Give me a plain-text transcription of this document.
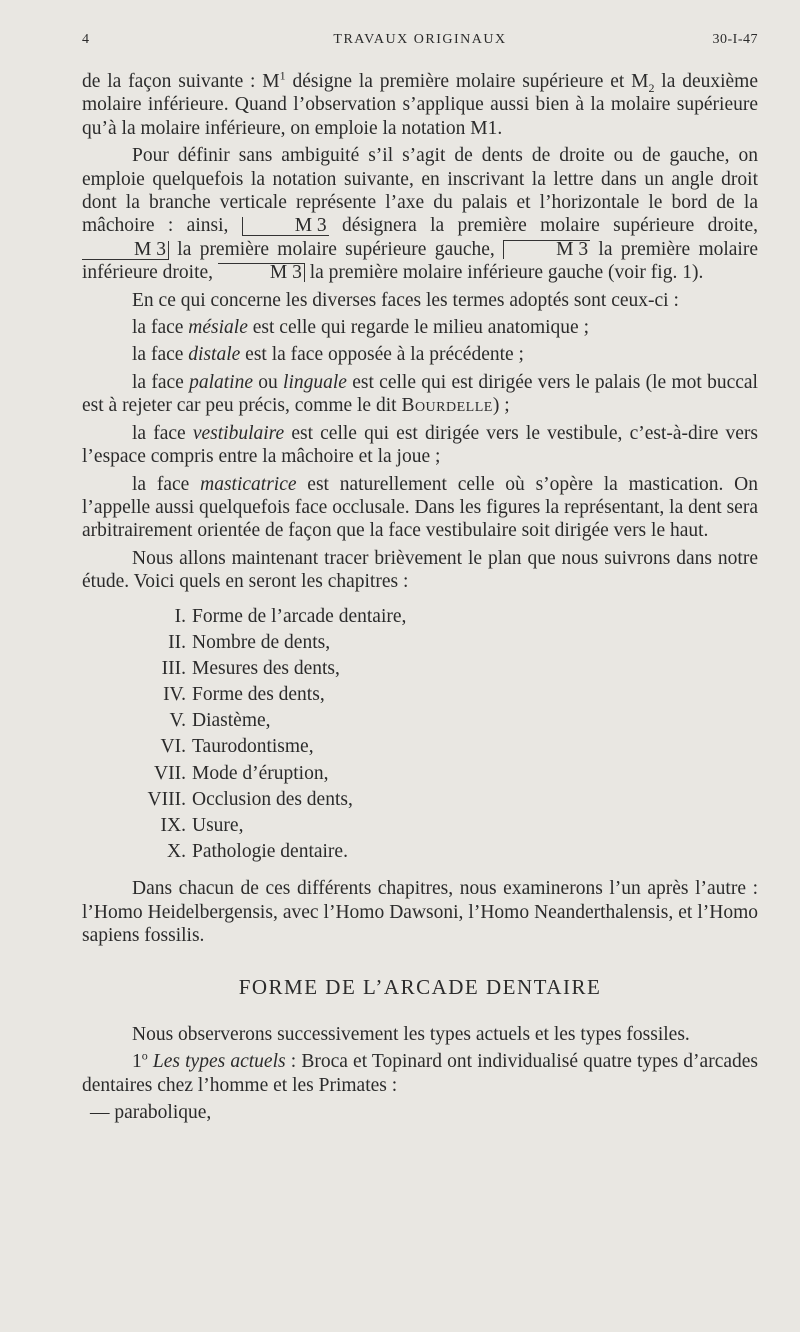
4	TRAVAUX ORIGINAUX	30-I-47

de la façon suivante : $M^1$ désigne la première molaire supérieure et $M_2$ la deuxième molaire inférieure. Quand l’observation s’applique aussi bien à la molaire supérieure qu’à la molaire inférieure, on emploie la notation M1.

Pour définir sans ambiguité s’il s’agit de dents de droite ou de gauche, on emploie quelquefois la notation suivante, en inscrivant la lettre dans un angle droit dont la branche verticale représente l’axe du palais et l’horizontale le bord de la mâchoire : ainsi,	M 3 désignera la première molaire supérieure droite, M 3 la première molaire supérieure gauche,	M 3 la première molaire inférieure droite,	M 3 la première molaire inférieure gauche (voir fig. 1).

En ce qui concerne les diverses faces les termes adoptés sont ceux-ci :

la face mésiale est celle qui regarde le milieu anatomique ;

la face distale est la face opposée à la précédente ;

la face palatine ou linguale est celle qui est dirigée vers le palais (le mot buccal est à rejeter car peu précis, comme le dit Bourdelle) ;

la face vestibulaire est celle qui est dirigée vers le vestibule, c’est-à-dire vers l’espace compris entre la mâchoire et la joue ;

la face masticatrice est naturellement celle où s’opère la mastication. On l’appelle aussi quelquefois face occlusale. Dans les figures la représentant, la dent sera arbitrairement orientée de façon que la face vestibulaire soit dirigée vers le haut.

Nous allons maintenant tracer brièvement le plan que nous suivrons dans notre étude. Voici quels en seront les chapitres :

I. Forme de l’arcade dentaire,
II. Nombre de dents,
III. Mesures des dents,
IV. Forme des dents,
V. Diastème,
VI. Taurodontisme,
VII. Mode d’éruption,
VIII. Occlusion des dents,
IX. Usure,
X. Pathologie dentaire.

Dans chacun de ces différents chapitres, nous examinerons l’un après l’autre : l’Homo Heidelbergensis, avec l’Homo Dawsoni, l’Homo Neanderthalensis, et l’Homo sapiens fossilis.

FORME DE L’ARCADE DENTAIRE

Nous observerons successivement les types actuels et les types fossiles.

1$^o$ Les types actuels : Broca et Topinard ont individualisé quatre types d’arcades dentaires chez l’homme et les Primates :

— parabolique,
